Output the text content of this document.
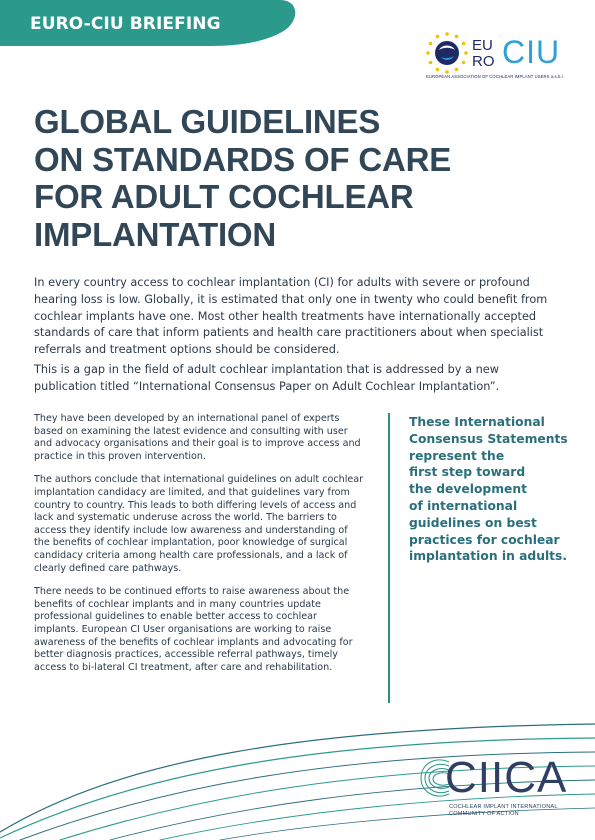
EURO-CIU BRIEFING
EU
RO CIU
EUROPEAN ASSOCIATION OF COCHLEAR IMPLANT USERS a.s.b.l.
GLOBAL GUIDELINES
ON STANDARDS OF CARE
FOR ADULT COCHLEAR
IMPLANTATION

In every country access to cochlear implantation (CI) for adults with severe or profound hearing loss is low. Globally, it is estimated that only one in twenty who could benefit from cochlear implants have one. Most other health treatments have internationally accepted standards of care that inform patients and health care practitioners about when specialist referrals and treatment options should be considered.

This is a gap in the field of adult cochlear implantation that is addressed by a new publication titled “International Consensus Paper on Adult Cochlear Implantation”.

They have been developed by an international panel of experts based on examining the latest evidence and consulting with user and advocacy organisations and their goal is to improve access and practice in this proven intervention.

The authors conclude that international guidelines on adult cochlear implantation candidacy are limited, and that guidelines vary from country to country. This leads to both differing levels of access and lack and systematic underuse across the world. The barriers to access they identify include low awareness and understanding of the benefits of cochlear implantation, poor knowledge of surgical candidacy criteria among health care professionals, and a lack of clearly defined care pathways.

There needs to be continued efforts to raise awareness about the benefits of cochlear implants and in many countries update professional guidelines to enable better access to cochlear implants. European CI User organisations are working to raise awareness of the benefits of cochlear implants and advocating for better diagnosis practices, accessible referral pathways, timely access to bi-lateral CI treatment, after care and rehabilitation.

These International
Consensus Statements
represent the
first step toward
the development
of international
guidelines on best
practices for cochlear
implantation in adults.
CIICA
COCHLEAR IMPLANT INTERNATIONAL
COMMUNITY OF ACTION
